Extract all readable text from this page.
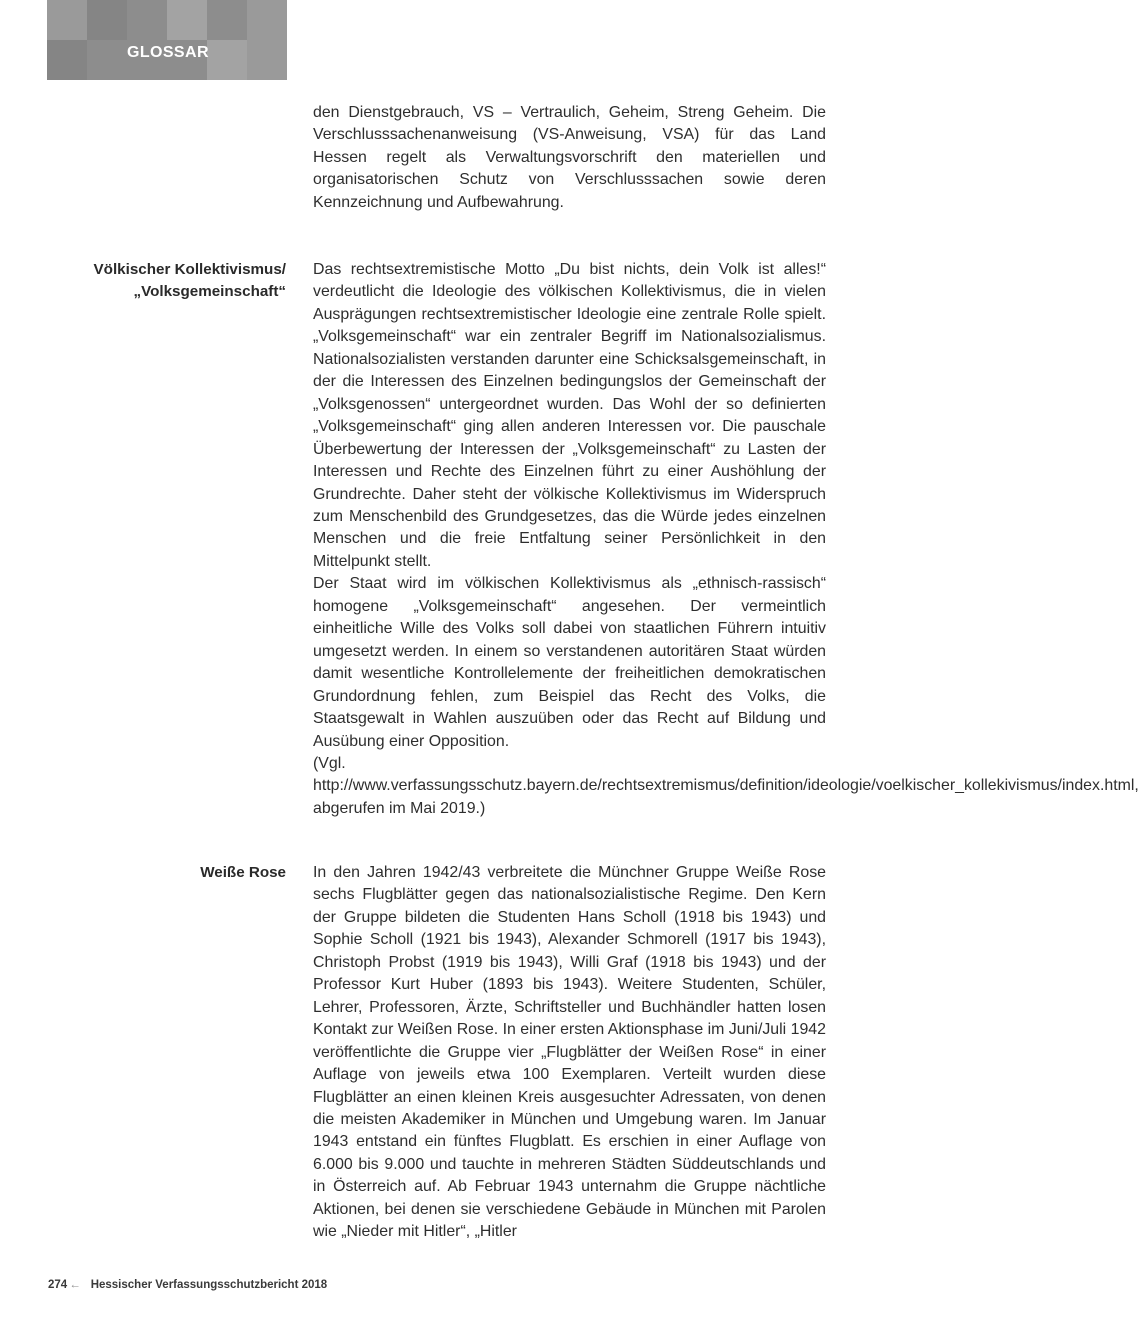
GLOSSAR

den Dienstgebrauch, VS – Vertraulich, Geheim, Streng Geheim. Die Verschlusssachenanweisung (VS-Anweisung, VSA) für das Land Hessen regelt als Verwaltungsvorschrift den materiellen und organisatorischen Schutz von Verschlusssachen sowie deren Kennzeichnung und Aufbewahrung.

Völkischer Kollektivismus/
„Volksgemeinschaft“

Das rechtsextremistische Motto „Du bist nichts, dein Volk ist alles!“ verdeutlicht die Ideologie des völkischen Kollektivismus, die in vielen Ausprägungen rechtsextremistischer Ideologie eine zentrale Rolle spielt. „Volksgemeinschaft“ war ein zentraler Begriff im Nationalsozialismus. Nationalsozialisten verstanden darunter eine Schicksalsgemeinschaft, in der die Interessen des Einzelnen bedingungslos der Gemeinschaft der „Volksgenossen“ untergeordnet wurden. Das Wohl der so definierten „Volksgemeinschaft“ ging allen anderen Interessen vor. Die pauschale Überbewertung der Interessen der „Volksgemeinschaft“ zu Lasten der Interessen und Rechte des Einzelnen führt zu einer Aushöhlung der Grundrechte. Daher steht der völkische Kollektivismus im Widerspruch zum Menschenbild des Grundgesetzes, das die Würde jedes einzelnen Menschen und die freie Entfaltung seiner Persönlichkeit in den Mittelpunkt stellt.

Der Staat wird im völkischen Kollektivismus als „ethnisch-rassisch“ homogene „Volksgemeinschaft“ angesehen. Der vermeintlich einheitliche Wille des Volks soll dabei von staatlichen Führern intuitiv umgesetzt werden. In einem so verstandenen autoritären Staat würden damit wesentliche Kontrollelemente der freiheitlichen demokratischen Grundordnung fehlen, zum Beispiel das Recht des Volks, die Staatsgewalt in Wahlen auszuüben oder das Recht auf Bildung und Ausübung einer Opposition.

(Vgl. http://www.verfassungsschutz.bayern.de/rechtsextremismus/definition/ideologie/voelkischer_kollekivismus/index.html, abgerufen im Mai 2019.)

Weiße Rose In den Jahren 1942/43 verbreitete die Münchner Gruppe Weiße Rose sechs Flugblätter gegen das nationalsozialistische Regime. Den Kern der Gruppe bildeten die Studenten Hans Scholl (1918 bis 1943) und Sophie Scholl (1921 bis 1943), Alexander Schmorell (1917 bis 1943), Christoph Probst (1919 bis 1943), Willi Graf (1918 bis 1943) und der Professor Kurt Huber (1893 bis 1943). Weitere Studenten, Schüler, Lehrer, Professoren, Ärzte, Schriftsteller und Buchhändler hatten losen Kontakt zur Weißen Rose. In einer ersten Aktionsphase im Juni/Juli 1942 veröffentlichte die Gruppe vier „Flugblätter der Weißen Rose“ in einer Auflage von jeweils etwa 100 Exemplaren. Verteilt wurden diese Flugblätter an einen kleinen Kreis ausgesuchter Adressaten, von denen die meisten Akademiker in München und Umgebung waren. Im Januar 1943 entstand ein fünftes Flugblatt. Es erschien in einer Auflage von 6.000 bis 9.000 und tauchte in mehreren Städten Süddeutschlands und in Österreich auf. Ab Februar 1943 unternahm die Gruppe nächtliche Aktionen, bei denen sie verschiedene Gebäude in München mit Parolen wie „Nieder mit Hitler“, „Hitler

274 ← Hessischer Verfassungsschutzbericht 2018
